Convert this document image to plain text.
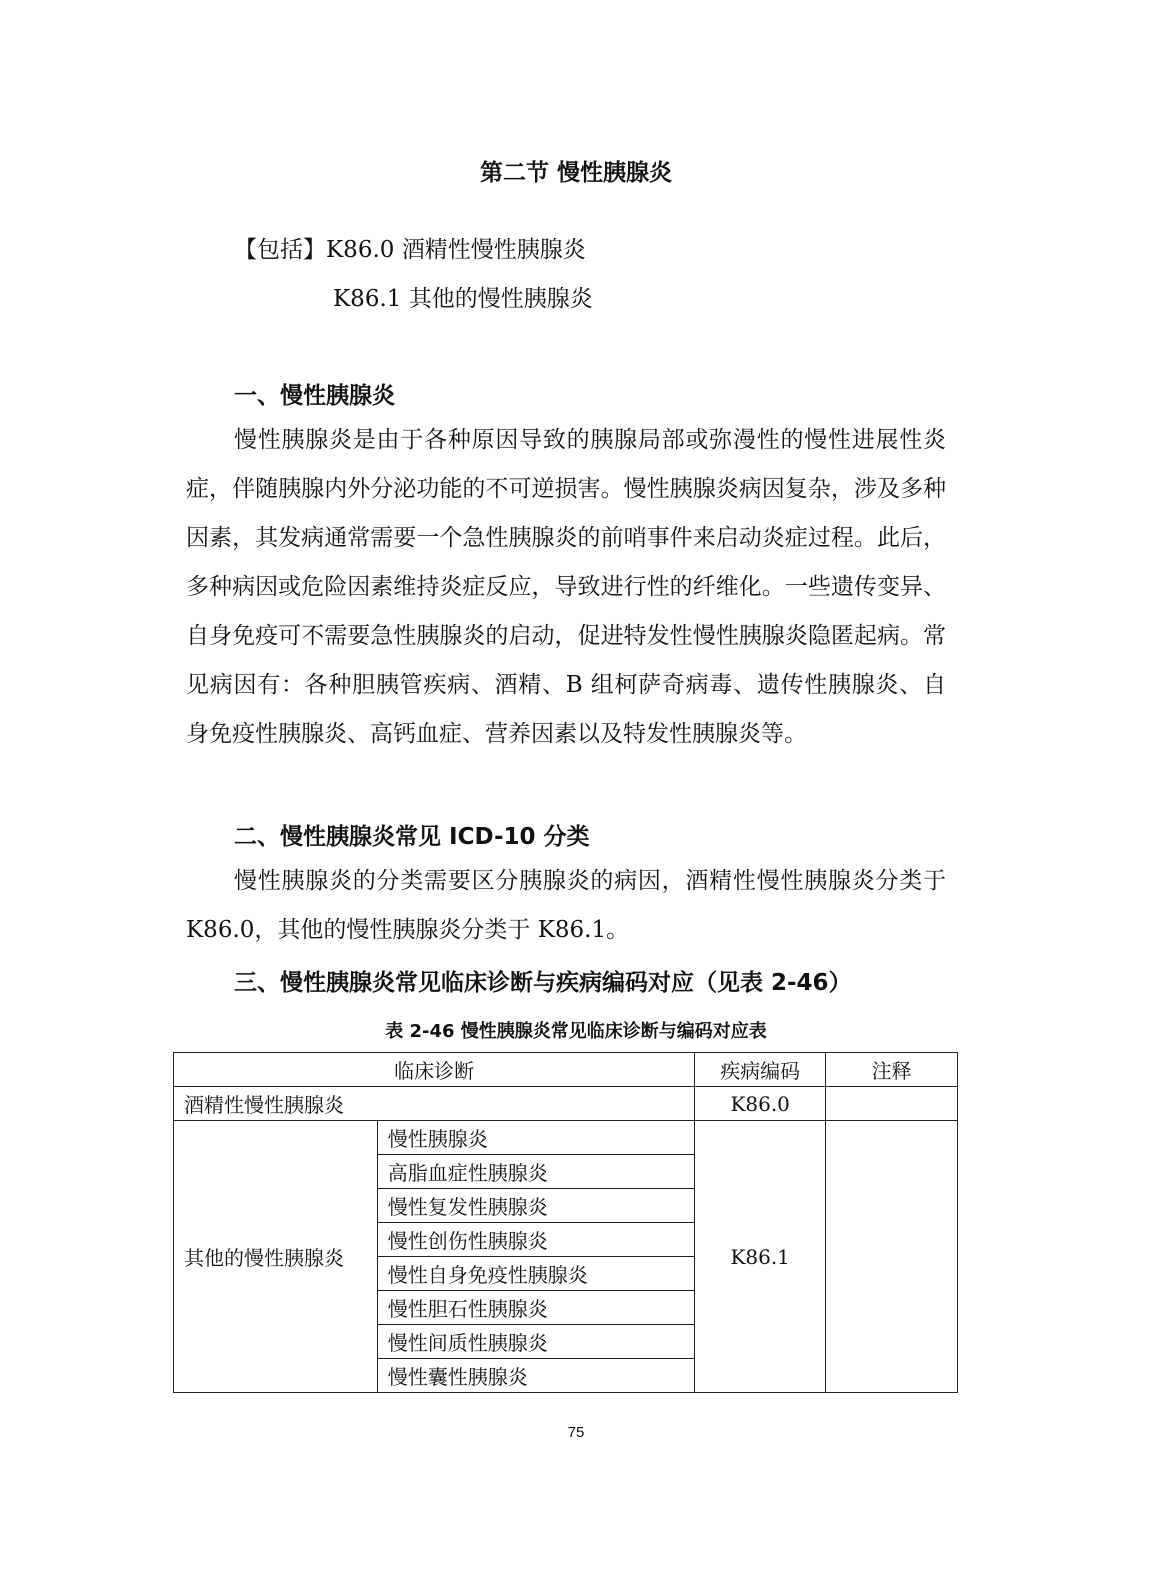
第二节 慢性胰腺炎
【包括】K86.0 酒精性慢性胰腺炎
K86.1 其他的慢性胰腺炎
一、慢性胰腺炎

慢性胰腺炎是由于各种原因导致的胰腺局部或弥漫性的慢性进展性炎症，伴随胰腺内外分泌功能的不可逆损害。慢性胰腺炎病因复杂，涉及多种因素，其发病通常需要一个急性胰腺炎的前哨事件来启动炎症过程。此后，多种病因或危险因素维持炎症反应，导致进行性的纤维化。一些遗传变异、自身免疫可不需要急性胰腺炎的启动，促进特发性慢性胰腺炎隐匿起病。常见病因有：各种胆胰管疾病、酒精、B 组柯萨奇病毒、遗传性胰腺炎、自身免疫性胰腺炎、高钙血症、营养因素以及特发性胰腺炎等。

二、慢性胰腺炎常见 ICD-10 分类

慢性胰腺炎的分类需要区分胰腺炎的病因，酒精性慢性胰腺炎分类于 K86.0，其他的慢性胰腺炎分类于 K86.1。

三、慢性胰腺炎常见临床诊断与疾病编码对应（见表 2-46）
表 2-46 慢性胰腺炎常见临床诊断与编码对应表
临床诊断		疾病编码	注释
酒精性慢性胰腺炎		K86.0	
其他的慢性胰腺炎	慢性胰腺炎	K86.1	
	高脂血症性胰腺炎		
	慢性复发性胰腺炎		
	慢性创伤性胰腺炎		
	慢性自身免疫性胰腺炎		
	慢性胆石性胰腺炎		
	慢性间质性胰腺炎		
	慢性囊性胰腺炎		
75
